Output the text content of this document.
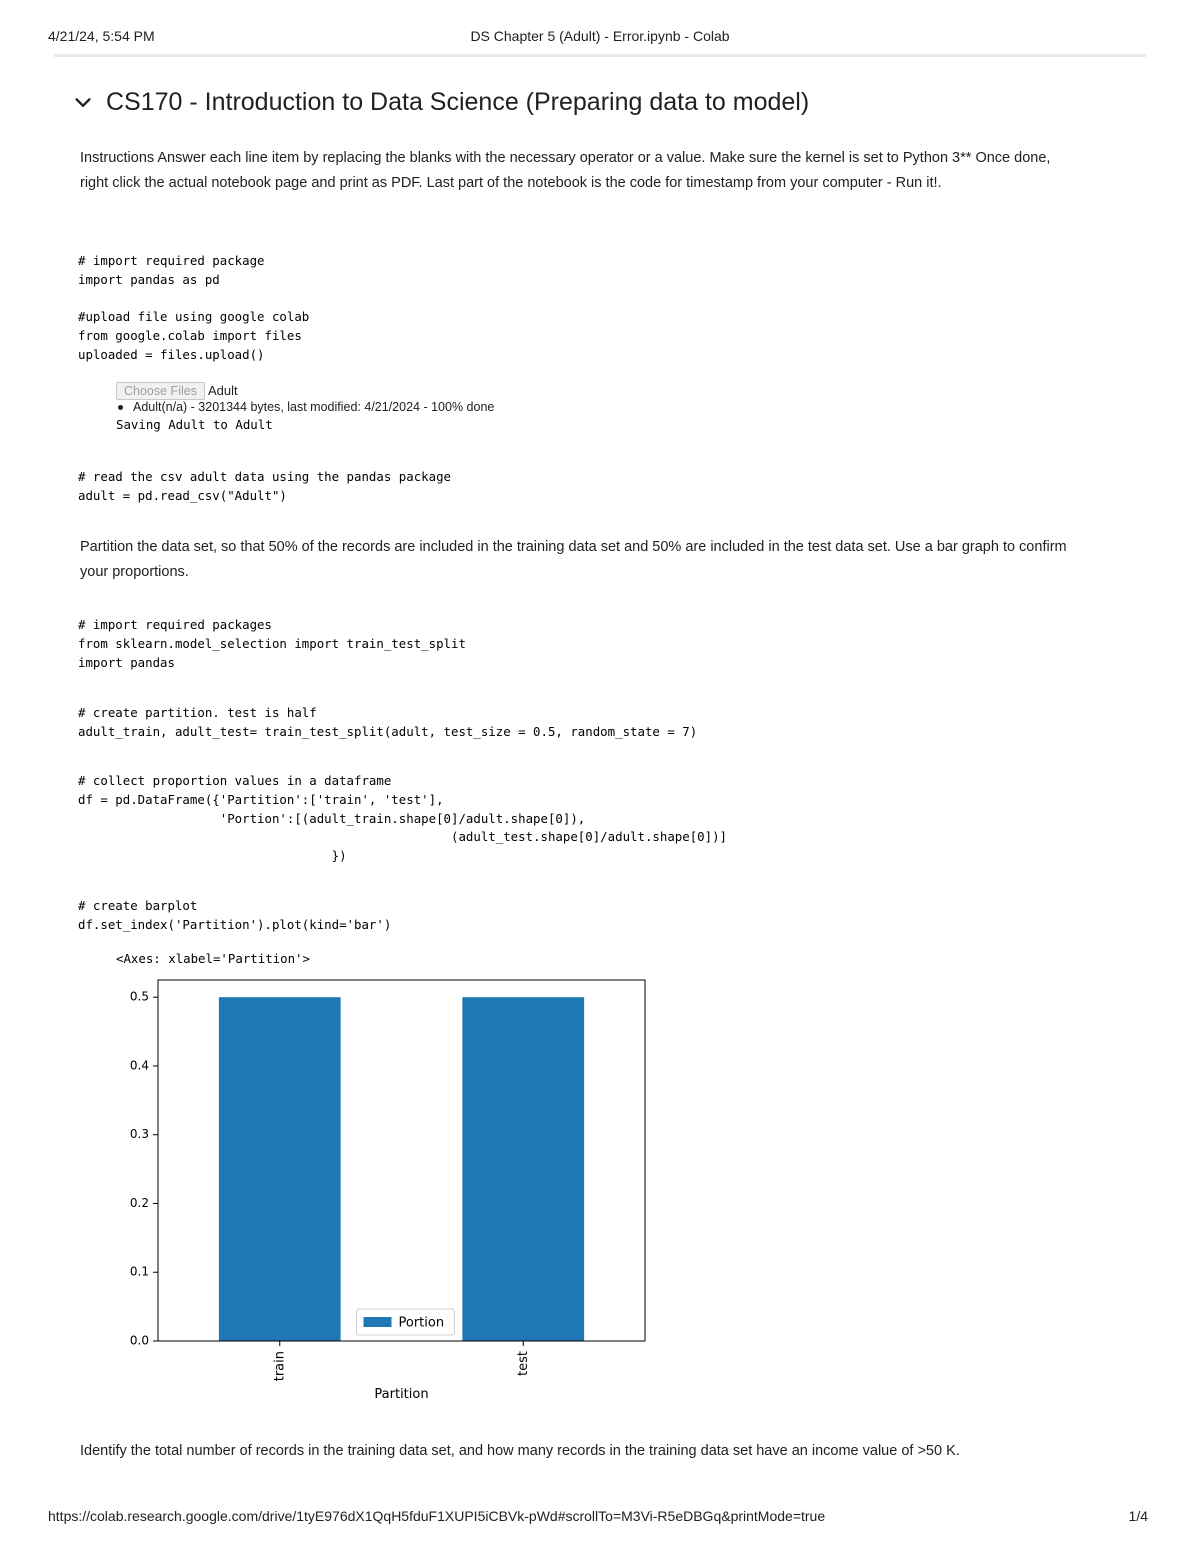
4/21/24, 5:54 PM	DS Chapter 5 (Adult) - Error.ipynb - Colab
CS170 - Introduction to Data Science (Preparing data to model)

Instructions Answer each line item by replacing the blanks with the necessary operator or a value. Make sure the kernel is set to Python 3** Once done, right click the actual notebook page and print as PDF. Last part of the notebook is the code for timestamp from your computer - Run it!.

# import required package
import pandas as pd

#upload file using google colab
from google.colab import files
uploaded = files.upload()
Choose Files Adult
Adult(n/a) - 3201344 bytes, last modified: 4/21/2024 - 100% done
Saving Adult to Adult
# read the csv adult data using the pandas package
adult = pd.read_csv("Adult")

Partition the data set, so that 50% of the records are included in the training data set and 50% are included in the test data set. Use a bar graph to confirm your proportions.

# import required packages
from sklearn.model_selection import train_test_split
import pandas
# create partition. test is half
adult_train, adult_test= train_test_split(adult, test_size = 0.5, random_state = 7)
# collect proportion values in a dataframe
df = pd.DataFrame({'Partition':['train', 'test'],
'Portion':[(adult_train.shape[0]/adult.shape[0]),
(adult_test.shape[0]/adult.shape[0])]
})
# create barplot
df.set_index('Partition').plot(kind='bar')
<Axes: xlabel='Partition'>
train	test
0.0
0.1
0.2
0.3
0.4
0.5
Partition
Portion

Identify the total number of records in the training data set, and how many records in the training data set have an income value of >50 K.

https://colab.research.google.com/drive/1tyE976dX1QqH5fduF1XUPI5iCBVk-pWd#scrollTo=M3Vi-R5eDBGq&printMode=true	1/4
